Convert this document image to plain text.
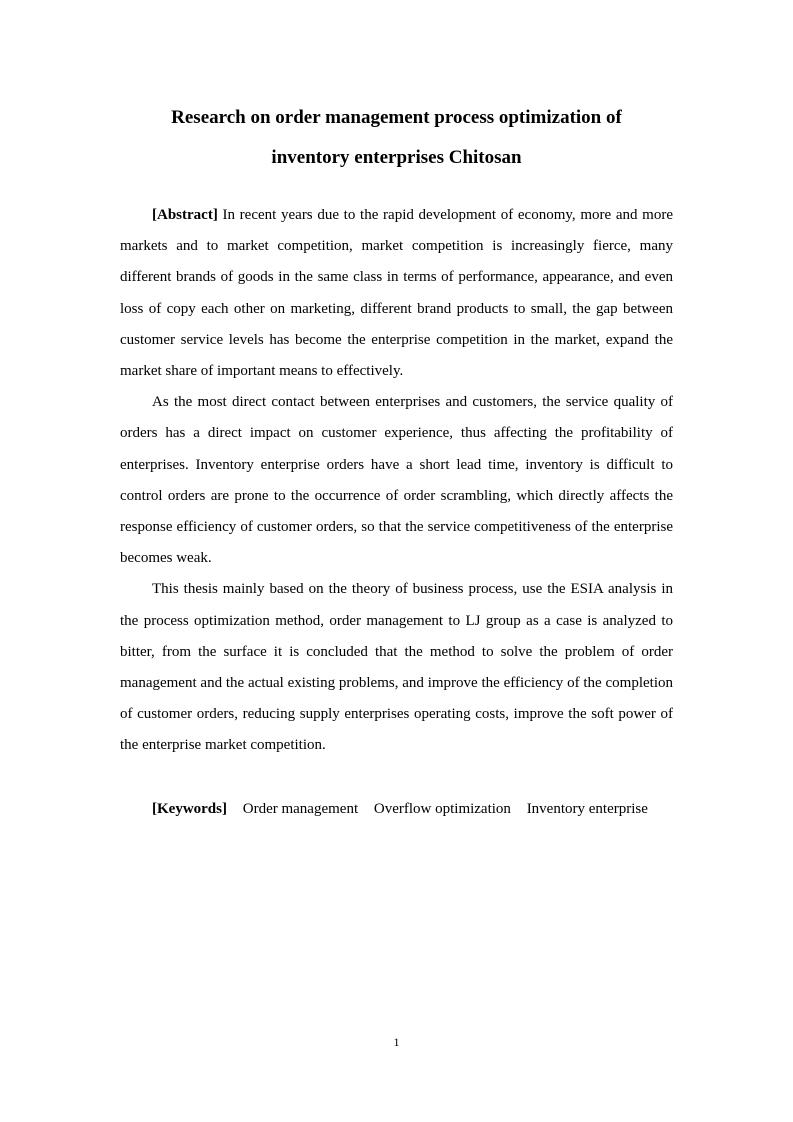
Research on order management process optimization of
inventory enterprises Chitosan

[Abstract] In recent years due to the rapid development of economy, more and more markets and to market competition, market competition is increasingly fierce, many different brands of goods in the same class in terms of performance, appearance, and even loss of copy each other on marketing, different brand products to small, the gap between customer service levels has become the enterprise competition in the market, expand the market share of important means to effectively.

As the most direct contact between enterprises and customers, the service quality of orders has a direct impact on customer experience, thus affecting the profitability of enterprises. Inventory enterprise orders have a short lead time, inventory is difficult to control orders are prone to the occurrence of order scrambling, which directly affects the response efficiency of customer orders, so that the service competitiveness of the enterprise becomes weak.

This thesis mainly based on the theory of business process, use the ESIA analysis in the process optimization method, order management to LJ group as a case is analyzed to bitter, from the surface it is concluded that the method to solve the problem of order management and the actual existing problems, and improve the efficiency of the completion of customer orders, reducing supply enterprises operating costs, improve the soft power of the enterprise market competition.

[Keywords] Order management Overflow optimization Inventory enterprise
1
